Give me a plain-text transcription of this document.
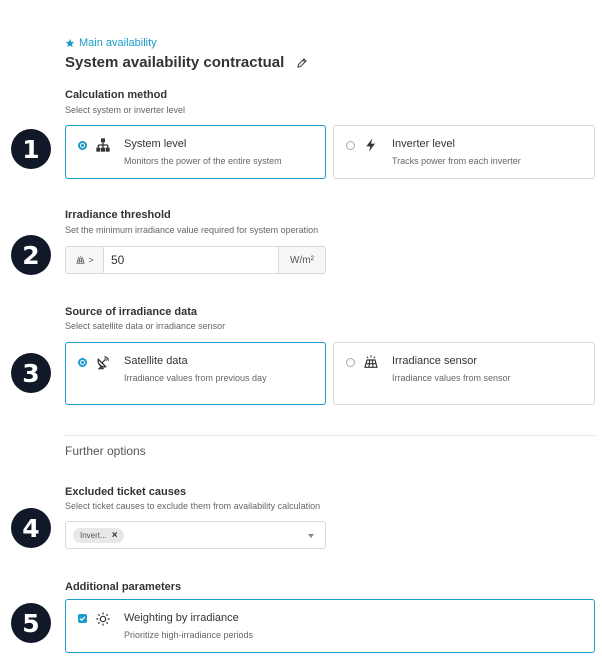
1
2
3
4
5
Main availability
System availability contractual
Calculation method
Select system or inverter level
System level
Monitors the power of the entire system
Inverter level
Tracks power from each inverter
Irradiance threshold
Set the minimum irradiance value required for system operation
>
50	W/m²
Source of irradiance data
Select satellite data or irradiance sensor
Satellite data
Irradiance values from previous day
Irradiance sensor
Irradiance values from sensor
Further options
Excluded ticket causes
Select ticket causes to exclude them from availability calculation
Invert... ×
Additional parameters
Weighting by irradiance
Prioritize high-irradiance periods
